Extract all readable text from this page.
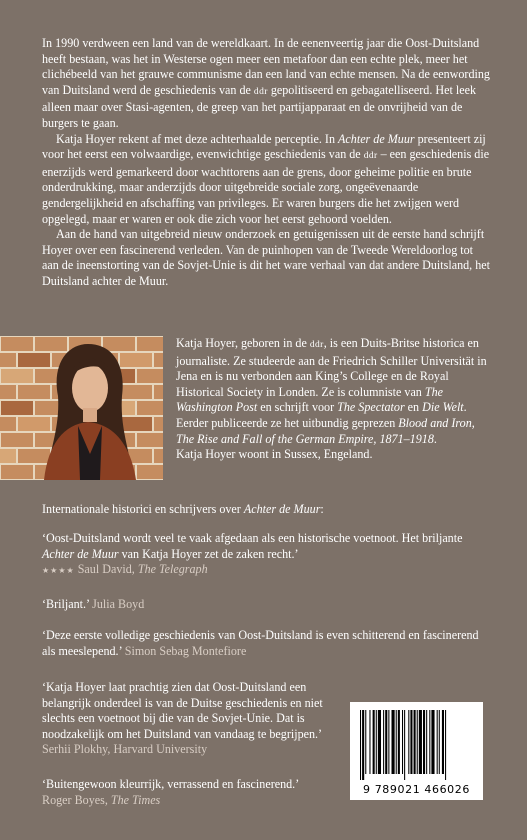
In 1990 verdween een land van de wereldkaart. In de eenenveertig jaar die Oost-Duitsland heeft bestaan, was het in Westerse ogen meer een metafoor dan een echte plek, meer het clichébeeld van het grauwe communisme dan een land van echte mensen. Na de eenwording van Duitsland werd de geschiedenis van de ddr gepolitiseerd en gebagatelliseerd. Het leek alleen maar over Stasi-agenten, de greep van het partijapparaat en de onvrijheid van de burgers te gaan.

Katja Hoyer rekent af met deze achterhaalde perceptie. In Achter de Muur presenteert zij voor het eerst een volwaardige, evenwichtige geschiedenis van de ddr – een geschiedenis die enerzijds werd gemarkeerd door wachttorens aan de grens, door geheime politie en brute onderdrukking, maar anderzijds door uitgebreide sociale zorg, ongeëvenaarde gendergelijkheid en afschaffing van privileges. Er waren burgers die het zwijgen werd opgelegd, maar er waren er ook die zich voor het eerst gehoord voelden.

Aan de hand van uitgebreid nieuw onderzoek en getuigenissen uit de eerste hand schrijft Hoyer over een fascinerend verleden. Van de puinhopen van de Tweede Wereldoorlog tot aan de ineenstorting van de Sovjet-Unie is dit het ware verhaal van dat andere Duitsland, het Duitsland achter de Muur.

Katja Hoyer, geboren in de ddr, is een Duits-Britse historica en journaliste. Ze studeerde aan de Friedrich Schiller Universität in Jena en is nu verbonden aan King’s College en de Royal Historical Society in Londen. Ze is columniste van The Washington Post en schrijft voor The Spectator en Die Welt. Eerder publiceerde ze het uitbundig geprezen Blood and Iron, The Rise and Fall of the German Empire, 1871–1918.

Katja Hoyer woont in Sussex, Engeland.

Internationale historici en schrijvers over Achter de Muur:

‘Oost-Duitsland wordt veel te vaak afgedaan als een historische voetnoot. Het briljante Achter de Muur van Katja Hoyer zet de zaken recht.’
★★★★ Saul David, The Telegraph

‘Briljant.’ Julia Boyd

‘Deze eerste volledige geschiedenis van Oost-Duitsland is even schitterend en fascinerend als meeslepend.’ Simon Sebag Montefiore

‘Katja Hoyer laat prachtig zien dat Oost-Duitsland een belangrijk onderdeel is van de Duitse geschiedenis en niet slechts een voetnoot bij die van de Sovjet-Unie. Dat is noodzakelijk om het Duitsland van vandaag te begrijpen.’
Serhii Plokhy, Harvard University

‘Buitengewoon kleurrijk, verrassend en fascinerend.’
Roger Boyes, The Times

9 789021 466026
